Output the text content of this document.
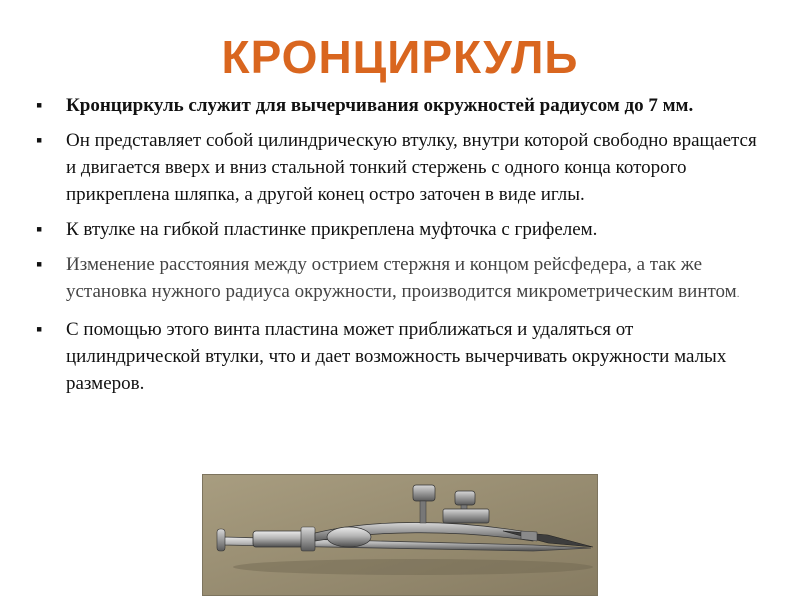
КРОНЦИРКУЛЬ
▪ Кронциркуль служит для вычерчивания окружностей радиусом до 7 мм.
▪ Он представляет собой цилиндрическую втулку, внутри которой свободно вращается и двигается вверх и вниз стальной тонкий стержень с одного конца которого прикреплена шляпка, а другой конец остро заточен в виде иглы.
▪ К втулке на гибкой пластинке прикреплена муфточка с грифелем.
▪ Изменение расстояния между острием стержня и концом рейсфедера, а так же установка нужного радиуса окружности, производится микрометрическим винтом.
▪ С помощью этого винта пластина может приближаться и удаляться от цилиндрической втулки, что и дает возможность вычерчивать окружности малых размеров.
